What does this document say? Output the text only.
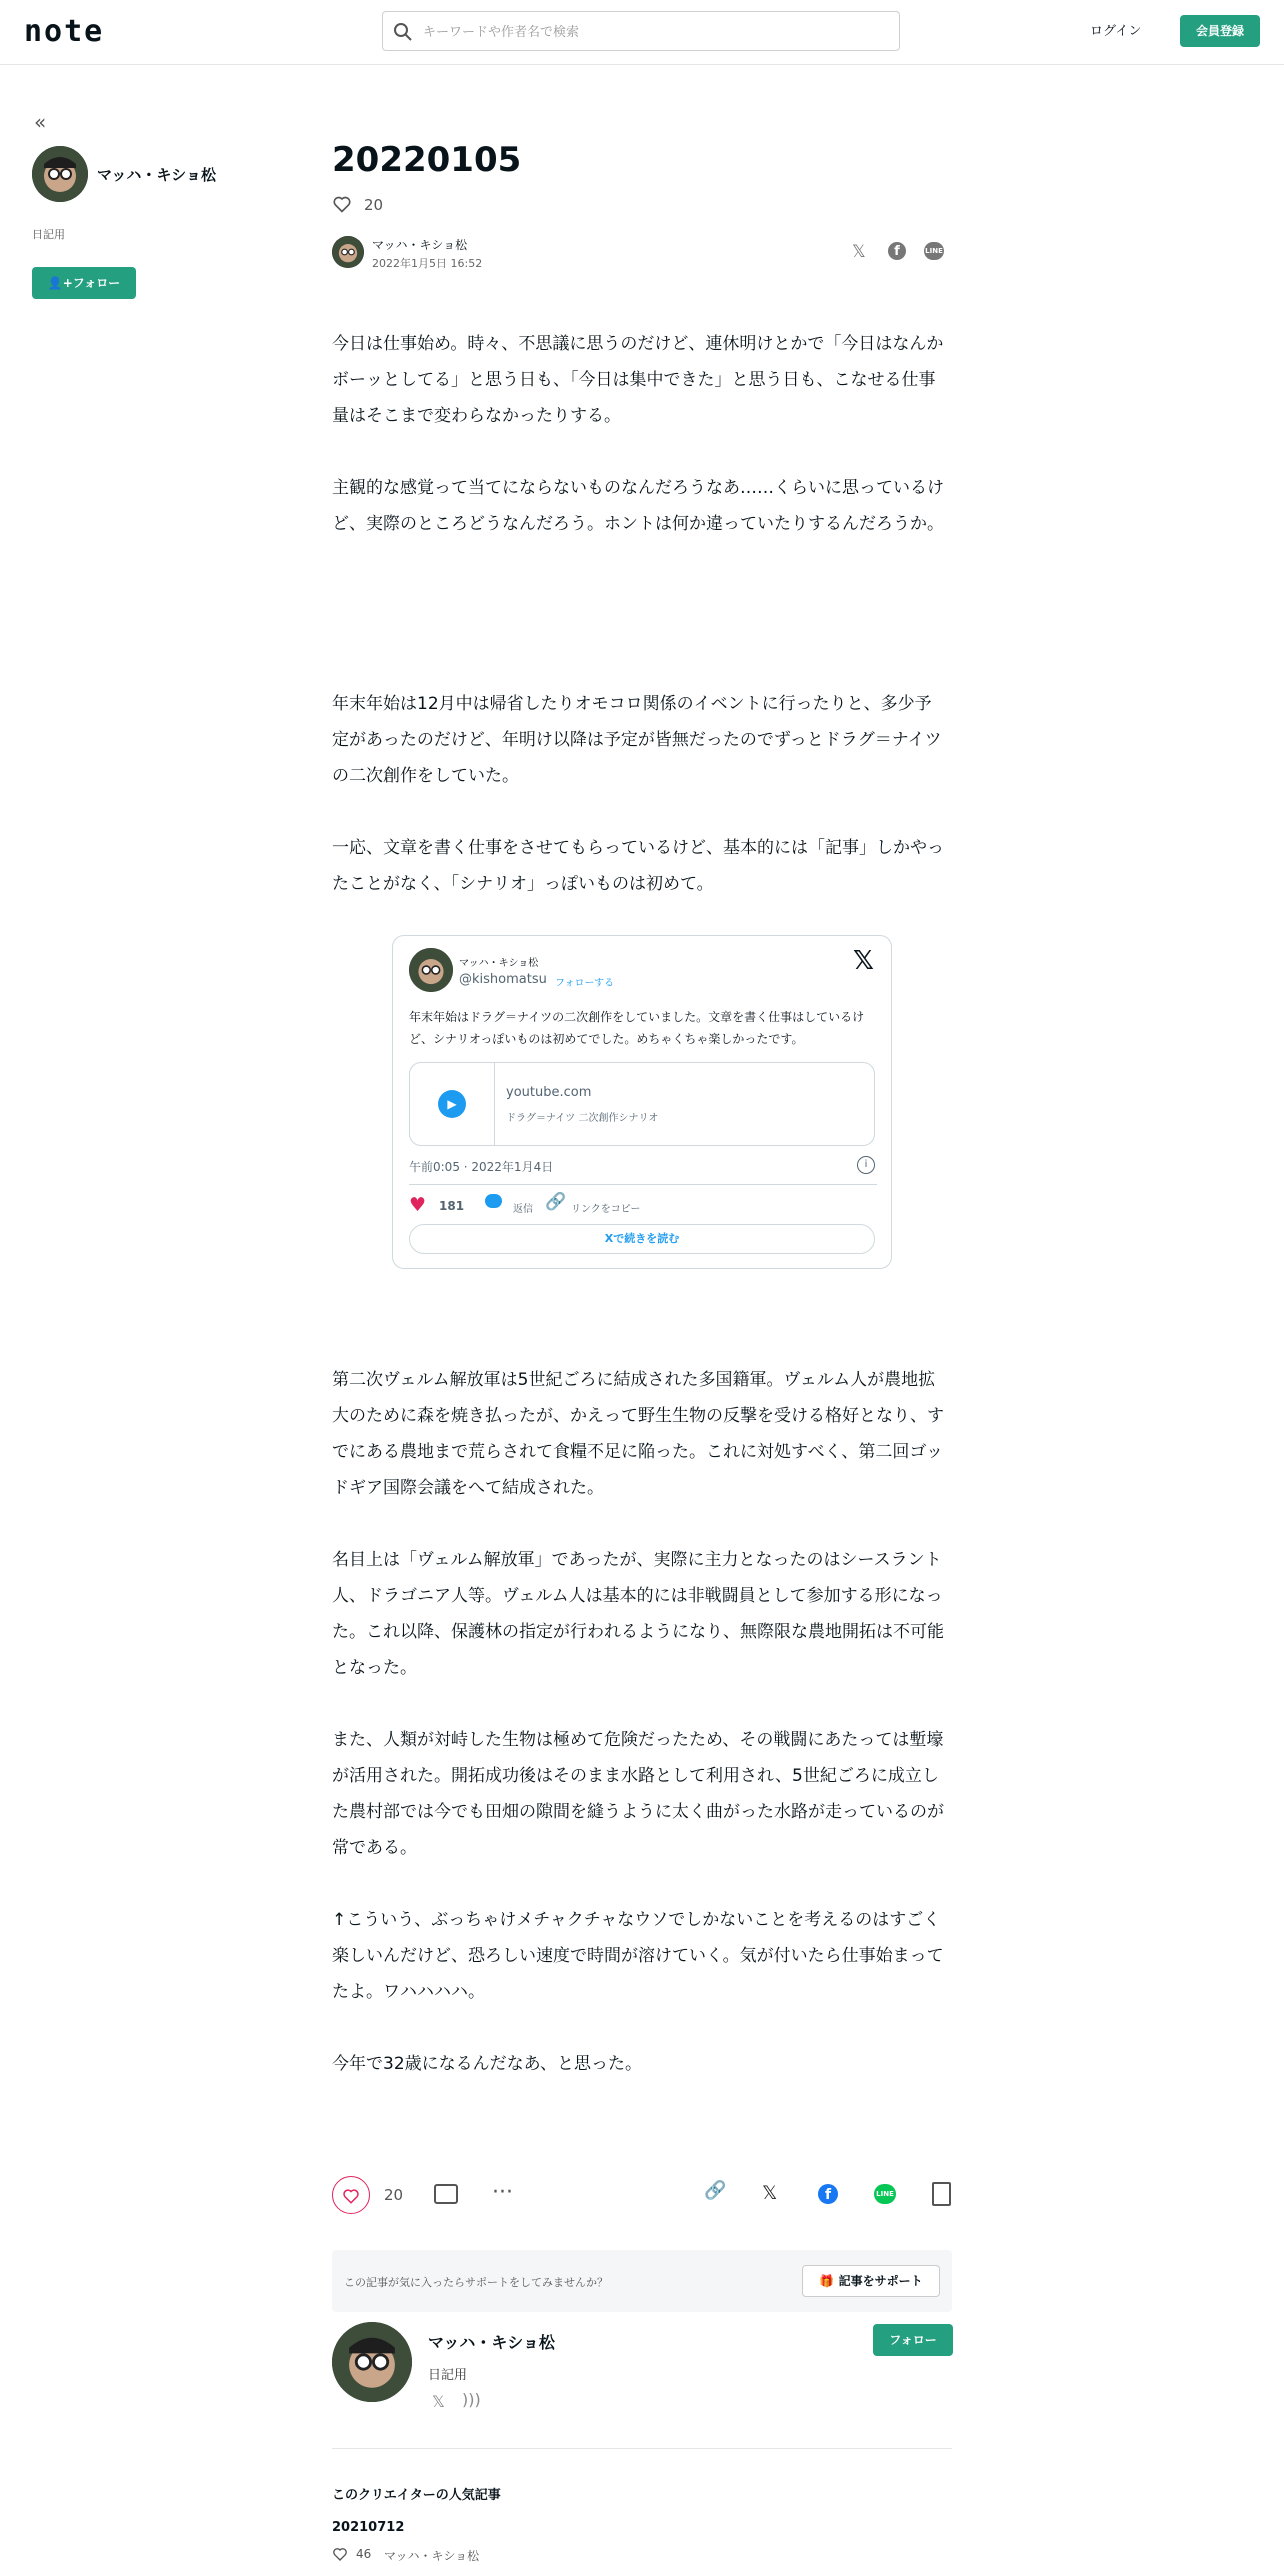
note
キーワードや作者名で検索	ログイン	会員登録
«
マッハ・キショ松
日記用
👤+フォロー
20220105
20
マッハ・キショ松
2022年1月5日 16:52
𝕏	f	LINE
今日は仕事始め。時々、不思議に思うのだけど、連休明けとかで「今日はなんかボーッとしてる」と思う日も、「今日は集中できた」と思う日も、こなせる仕事量はそこまで変わらなかったりする。
主観的な感覚って当てにならないものなんだろうなあ……くらいに思っているけど、実際のところどうなんだろう。ホントは何か違っていたりするんだろうか。
年末年始は12月中は帰省したりオモコロ関係のイベントに行ったりと、多少予定があったのだけど、年明け以降は予定が皆無だったのでずっとドラグ＝ナイツの二次創作をしていた。
一応、文章を書く仕事をさせてもらっているけど、基本的には「記事」しかやったことがなく、「シナリオ」っぽいものは初めて。
マッハ・キショ松
@kishomatsu フォローする
𝕏
年末年始はドラグ＝ナイツの二次創作をしていました。文章を書く仕事はしているけど、シナリオっぽいものは初めてでした。めちゃくちゃ楽しかったです。
▶
youtube.com
ドラグ＝ナイツ 二次創作シナリオ
午前0:05 · 2022年1月4日	i
♥ 181	返信 🔗 リンクをコピー
Xで続きを読む
第二次ヴェルム解放軍は5世紀ごろに結成された多国籍軍。ヴェルム人が農地拡大のために森を焼き払ったが、かえって野生生物の反撃を受ける格好となり、すでにある農地まで荒らされて食糧不足に陥った。これに対処すべく、第二回ゴッドギア国際会議をへて結成された。
名目上は「ヴェルム解放軍」であったが、実際に主力となったのはシースラント人、ドラゴニア人等。ヴェルム人は基本的には非戦闘員として参加する形になった。これ以降、保護林の指定が行われるようになり、無際限な農地開拓は不可能となった。
また、人類が対峙した生物は極めて危険だったため、その戦闘にあたっては塹壕が活用された。開拓成功後はそのまま水路として利用され、5世紀ごろに成立した農村部では今でも田畑の隙間を縫うように太く曲がった水路が走っているのが常である。
↑こういう、ぶっちゃけメチャクチャなウソでしかないことを考えるのはすごく楽しいんだけど、恐ろしい速度で時間が溶けていく。気が付いたら仕事始まってたよ。ワハハハハ。
今年で32歳になるんだなあ、と思った。
20	···	🔗 𝕏	f	LINE
この記事が気に入ったらサポートをしてみませんか？	🎁 記事をサポート
マッハ・キショ松
日記用
𝕏 )))
フォロー
このクリエイターの人気記事
20210712
46 マッハ・キショ松
